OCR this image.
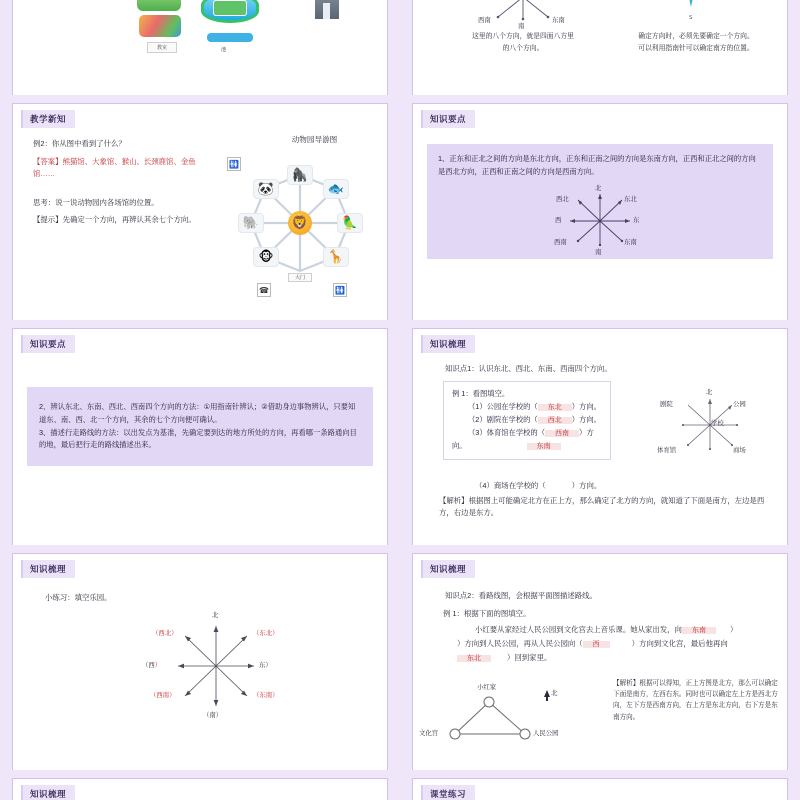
池
教室
西南
南
东南
这里的八个方向，就是四面八方里
的八个方向。
S
确定方向时，必须先要确定一个方向。
可以利用指南针可以确定南方的位置。
教学新知
例2：你从图中看到了什么？
【答案】熊猫馆、大象馆、猴山、长颈鹿馆、金鱼馆……
思考：说一说动物园内各场馆的位置。
【提示】先确定一个方向，再辨认其余七个方向。
动物园导游图
🦍
🐟
🦜
🦒
🐵
🐘
🐼
🦁
大门
🚻
🚻
☎
知识要点
1、正东和正北之间的方向是东北方向，正东和正南之间的方向是东南方向，正西和正北之间的方向是西北方向，正西和正南之间的方向是西南方向。
北
西北	东北
西	东
西南	东南
南
知识要点
2、辨认东北、东南、西北、西南四个方向的方法：①用指南针辨认；②借助身边事物辨认，只要知道东、南、西、北一个方向，其余的七个方向便可确认。
3、描述行走路线的方法：以出发点为基准，先确定要到达的地方所处的方向，再看哪一条路通向目的地，最后把行走的路线描述出来。
知识梳理
知识点1：认识东北、西北、东南、西南四个方向。
例 1：看图填空。
（1）公园在学校的（ 东北 ）方向。
（2）剧院在学校的（ 西北 ）方向。
（3）体育馆在学校的（ 西南 ）方
向。	东南
（4）商场在学校的（	）方向。
【解析】根据图上可能确定北方在正上方，那么确定了北方的方向，就知道了下面是南方，左边是西方，右边是东方。
北
剧院	公园
学校
体育馆	商场
知识梳理
小练习：填空乐园。
北
（西北）	（东北）
（西）	东）
（西南）	（东南）
（南）
知识梳理
知识点2：看路线图，会根据平面图描述路线。
例 1：根据下面的图填空。
小红要从家经过人民公园到文化宫去上音乐课。她从家出发，向 东南	）
）方向到人民公园，再从人民公园向（ 西	）方向到文化宫，最后他再向
东北	）回到家里。
北
小红家
文化宫	人民公园
【解析】根据可以得知，正上方图是北方，那么可以确定下面是南方，左西右东。同时也可以确定左上方是西北方向，左下方是西南方向，右上方是东北方向，右下方是东南方向。
知识梳理	课堂练习
